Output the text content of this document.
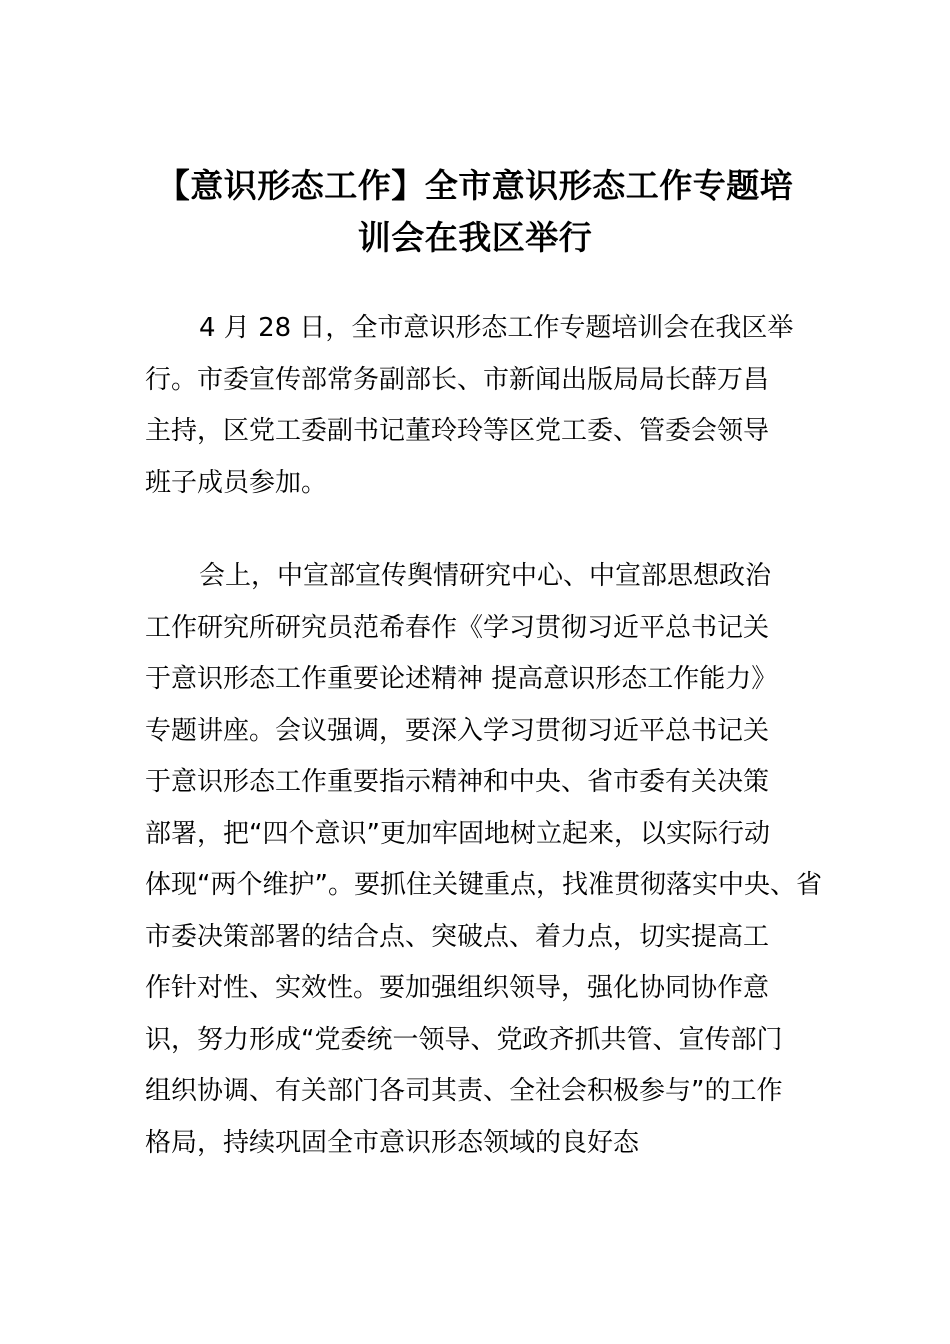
【意识形态工作】全市意识形态工作专题培
训会在我区举行
4 月 28 日，全市意识形态工作专题培训会在我区举
行。市委宣传部常务副部长、市新闻出版局局长薛万昌
主持，区党工委副书记董玲玲等区党工委、管委会领导
班子成员参加。
会上，中宣部宣传舆情研究中心、中宣部思想政治
工作研究所研究员范希春作《学习贯彻习近平总书记关
于意识形态工作重要论述精神 提高意识形态工作能力》
专题讲座。会议强调，要深入学习贯彻习近平总书记关
于意识形态工作重要指示精神和中央、省市委有关决策
部署，把“四个意识”更加牢固地树立起来，以实际行动
体现“两个维护”。要抓住关键重点，找准贯彻落实中央、省
市委决策部署的结合点、突破点、着力点，切实提高工
作针对性、实效性。要加强组织领导，强化协同协作意
识，努力形成“党委统一领导、党政齐抓共管、宣传部门
组织协调、有关部门各司其责、全社会积极参与”的工作
格局，持续巩固全市意识形态领域的良好态
